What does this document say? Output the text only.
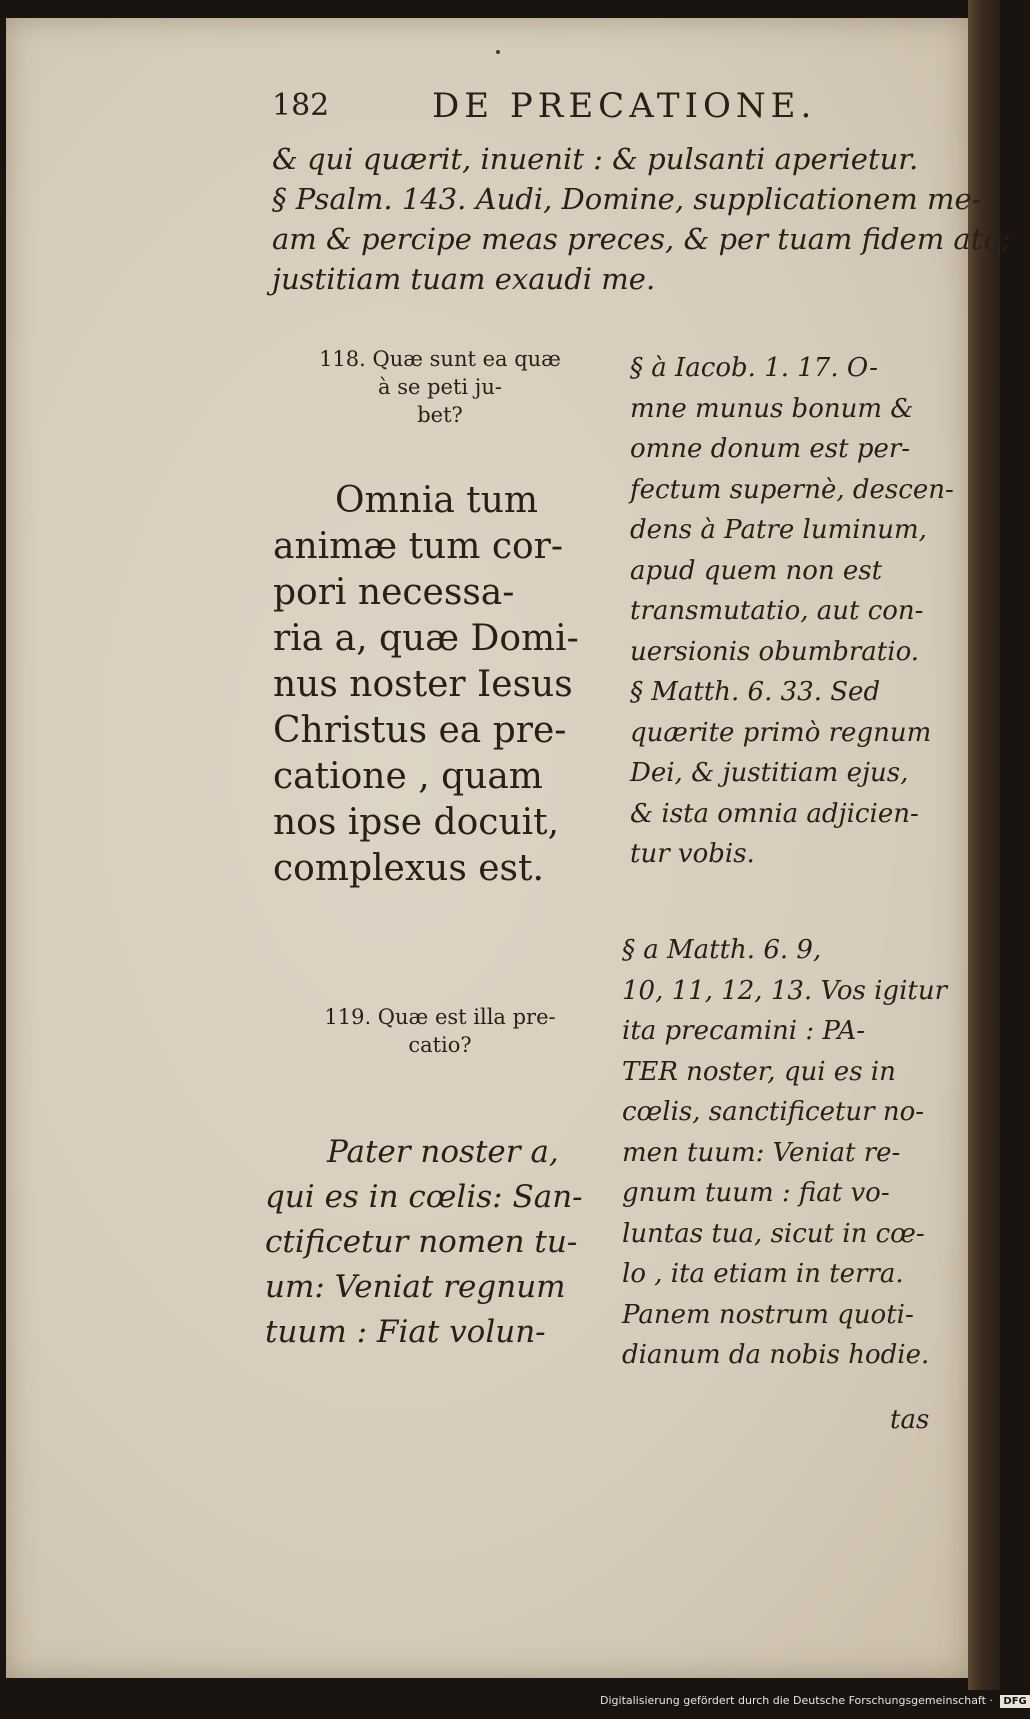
182	DE PRECATIONE.
& qui quærit, inuenit : & pulsanti aperietur.
§ Psalm. 143. Audi, Domine, supplicationem me-
am & percipe meas preces, & per tuam fidem atq;
justitiam tuam exaudi me.
118. Quæ sunt ea quæ
à se peti ju-
bet?
Omnia tum
animæ tum cor-
pori necessa-
ria a, quæ Domi-
nus noster Iesus
Christus ea pre-
catione , quam
nos ipse docuit,
complexus est.
119. Quæ est illa pre-
catio?
Pater noster a,
qui es in cœlis: San-
ctificetur nomen tu-
um: Veniat regnum
tuum : Fiat volun-
§ à Iacob. 1. 17. O-
mne munus bonum &
omne donum est per-
fectum supernè, descen-
dens à Patre luminum,
apud quem non est
transmutatio, aut con-
uersionis obumbratio.
§ Matth. 6. 33. Sed
quærite primò regnum
Dei, & justitiam ejus,
& ista omnia adjicien-
tur vobis.
§ a Matth. 6. 9,
10, 11, 12, 13. Vos igitur
ita precamini : PA-
TER noster, qui es in
cœlis, sanctificetur no-
men tuum: Veniat re-
gnum tuum : fiat vo-
luntas tua, sicut in cœ-
lo , ita etiam in terra.
Panem nostrum quoti-
dianum da nobis hodie.
tas
Digitalisierung gefördert durch die Deutsche Forschungsgemeinschaft · DFG
